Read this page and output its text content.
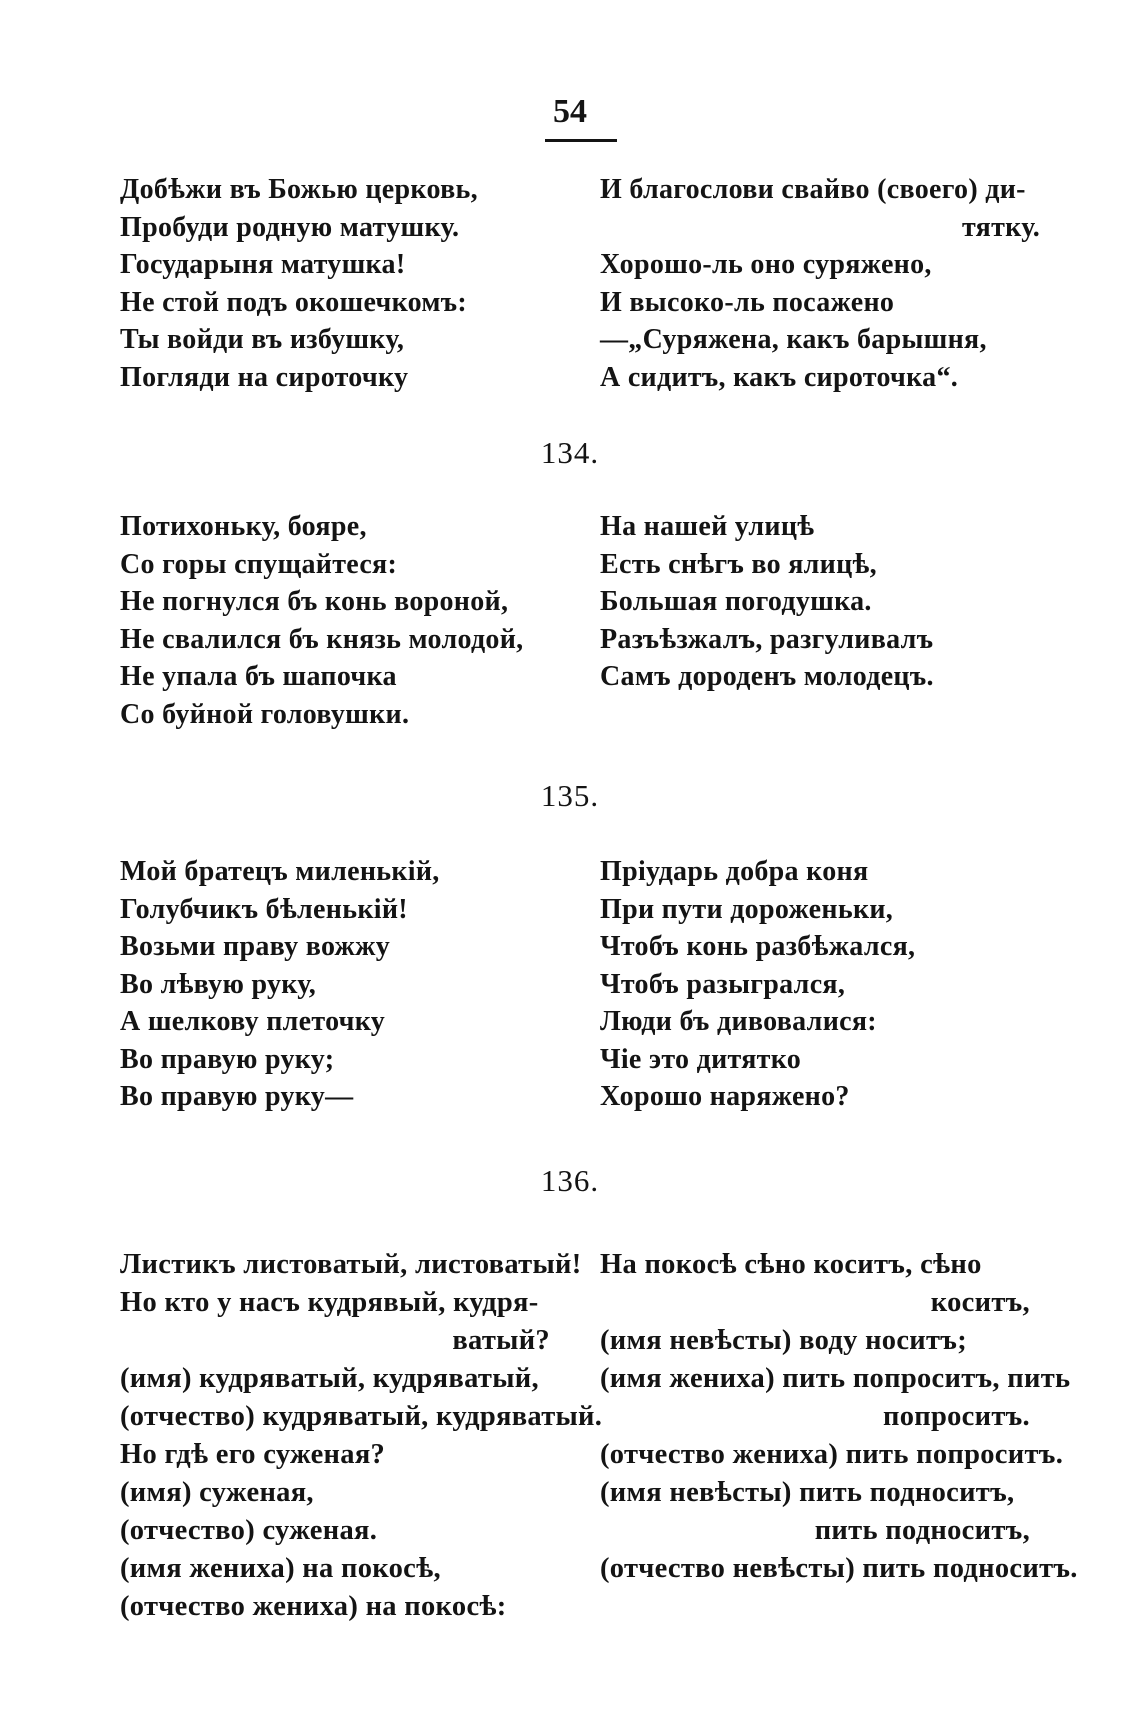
54
Добѣжи въ Божью церковь,
Пробуди родную матушку.
Государыня матушка!
Не стой подъ окошечкомъ:
Ты войди въ избушку,
Погляди на сироточку
И благослови свайво (своего) ди-
тятку.
Хорошо-ль оно суряжено,
И высоко-ль посажено
—„Суряжена, какъ барышня,
А сидитъ, какъ сироточка“.
134.
Потихоньку, бояре,
Со горы спущайтеся:
Не погнулся бъ конь вороной,
Не свалился бъ князь молодой,
Не упала бъ шапочка
Со буйной головушки.
На нашей улицѣ
Есть снѣгъ во ялицѣ,
Большая погодушка.
Разъѣзжалъ, разгуливалъ
Самъ дороденъ молодецъ.
135.
Мой братецъ миленькій,
Голубчикъ бѣленькій!
Возьми праву вожжу
Во лѣвую руку,
А шелкову плеточку
Во правую руку;
Во правую руку—
Пріударь добра коня
При пути дороженьки,
Чтобъ конь разбѣжался,
Чтобъ разыгрался,
Люди бъ дивовалися:
Чіе это дитятко
Хорошо наряжено?
136.
Листикъ листоватый, листоватый!
Но кто у насъ кудрявый, кудря-
ватый?
(имя) кудряватый, кудряватый,
(отчество) кудряватый, кудряватый.
Но гдѣ его суженая?
(имя) суженая,
(отчество) суженая.
(имя жениха) на покосѣ,
(отчество жениха) на покосѣ:
На покосѣ сѣно коситъ, сѣно
коситъ,
(имя невѣсты) воду носитъ;
(имя жениха) пить попроситъ, пить
попроситъ.
(отчество жениха) пить попроситъ.
(имя невѣсты) пить подноситъ,
пить подноситъ,
(отчество невѣсты) пить подноситъ.
